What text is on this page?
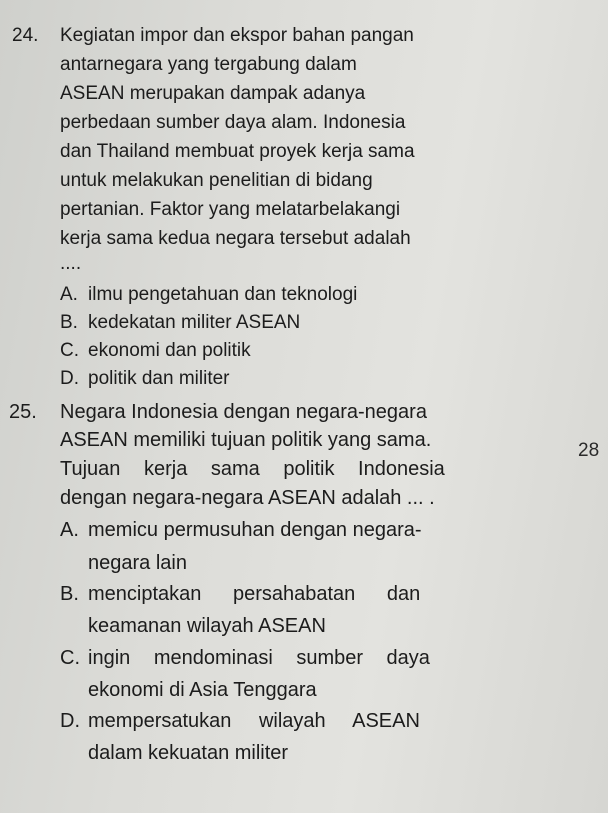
24. Kegiatan impor dan ekspor bahan pangan
antarnegara yang tergabung dalam
ASEAN merupakan dampak adanya
perbedaan sumber daya alam. Indonesia
dan Thailand membuat proyek kerja sama
untuk melakukan penelitian di bidang
pertanian. Faktor yang melatarbelakangi
kerja sama kedua negara tersebut adalah
....
A. ilmu pengetahuan dan teknologi
B. kedekatan militer ASEAN
C. ekonomi dan politik
D. politik dan militer
25. Negara Indonesia dengan negara-negara
ASEAN memiliki tujuan politik yang sama.
Tujuan kerja sama politik Indonesia
dengan negara-negara ASEAN adalah ... .
A. memicu permusuhan dengan negara-
negara lain
B. menciptakan persahabatan dan
keamanan wilayah ASEAN
C. ingin mendominasi sumber daya
ekonomi di Asia Tenggara
D. mempersatukan wilayah ASEAN
dalam kekuatan militer
28
